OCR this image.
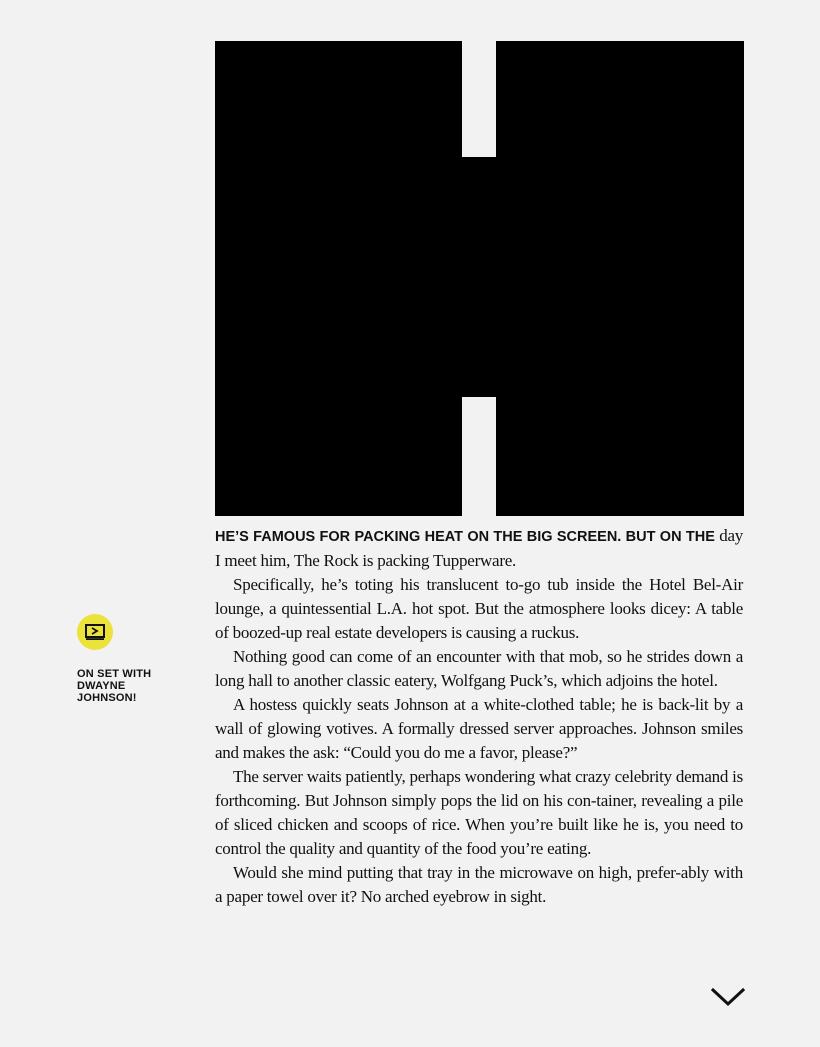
ON SET WITH DWAYNE JOHNSON!

HE’S FAMOUS FOR PACKING HEAT ON THE BIG SCREEN. BUT ON THE day I meet him, The Rock is packing Tupperware.

Specifically, he’s toting his translucent to-go tub inside the Hotel Bel-Air lounge, a quintessential L.A. hot spot. But the atmosphere looks dicey: A table of boozed-up real estate developers is causing a ruckus.

Nothing good can come of an encounter with that mob, so he strides down a long hall to another classic eatery, Wolfgang Puck’s, which adjoins the hotel.

A hostess quickly seats Johnson at a white-clothed table; he is back-lit by a wall of glowing votives. A formally dressed server approaches. Johnson smiles and makes the ask: “Could you do me a favor, please?”

The server waits patiently, perhaps wondering what crazy celebrity demand is forthcoming. But Johnson simply pops the lid on his con-tainer, revealing a pile of sliced chicken and scoops of rice. When you’re built like he is, you need to control the quality and quantity of the food you’re eating.

Would she mind putting that tray in the microwave on high, prefer-ably with a paper towel over it? No arched eyebrow in sight.
